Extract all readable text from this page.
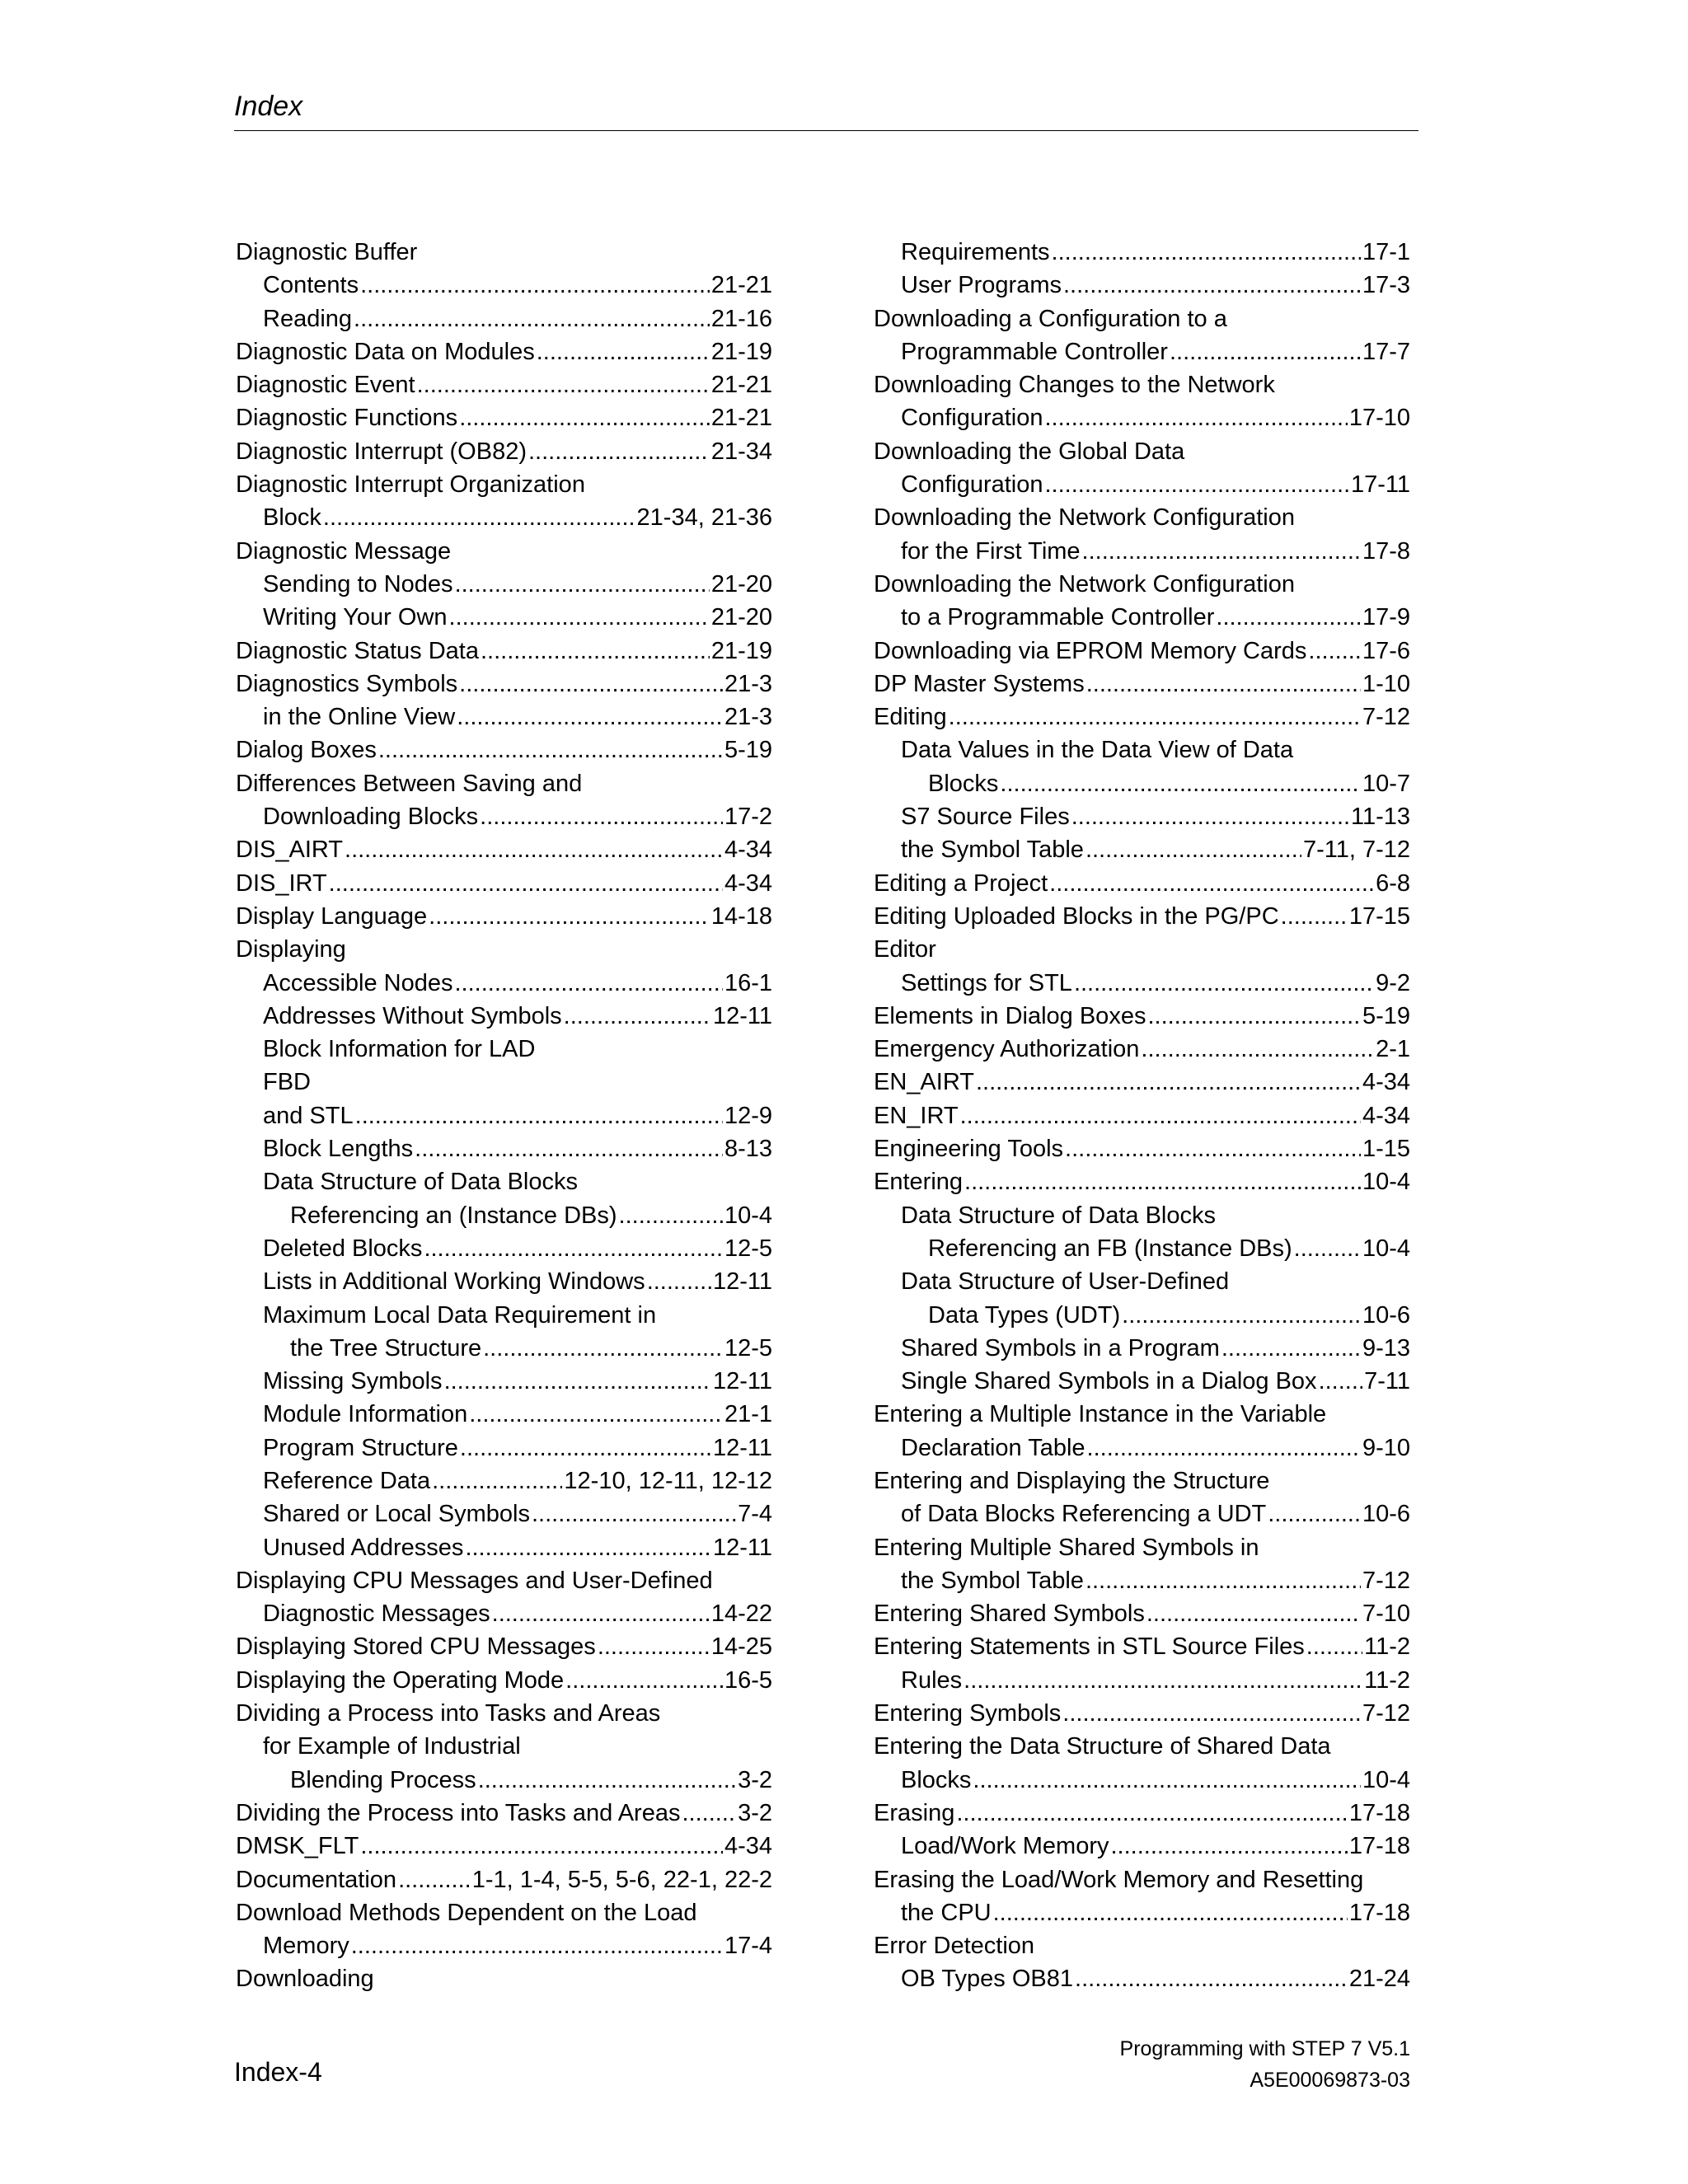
Index
Diagnostic Buffer
Contents .....	21-21
Reading .....	21-16
Diagnostic Data on Modules .....	21-19
Diagnostic Event .....	21-21
Diagnostic Functions .....	21-21
Diagnostic Interrupt (OB82) .....	21-34
Diagnostic Interrupt Organization
Block .....	21-34, 21-36
Diagnostic Message
Sending to Nodes .....	21-20
Writing Your Own .....	21-20
Diagnostic Status Data .....	21-19
Diagnostics Symbols .....	21-3
in the Online View .....	21-3
Dialog Boxes .....	5-19
Differences Between Saving and
Downloading Blocks .....	17-2
DIS_AIRT .....	4-34
DIS_IRT .....	4-34
Display Language .....	14-18
Displaying
Accessible Nodes .....	16-1
Addresses Without Symbols .....	12-11
Block Information for LAD
FBD
and STL .....	12-9
Block Lengths .....	8-13
Data Structure of Data Blocks
Referencing an (Instance DBs) .....	10-4
Deleted Blocks .....	12-5
Lists in Additional Working Windows .....	12-11
Maximum Local Data Requirement in
the Tree Structure .....	12-5
Missing Symbols .....	12-11
Module Information .....	21-1
Program Structure .....	12-11
Reference Data .....	12-10, 12-11, 12-12
Shared or Local Symbols .....	7-4
Unused Addresses .....	12-11
Displaying CPU Messages and User-Defined
Diagnostic Messages .....	14-22
Displaying Stored CPU Messages .....	14-25
Displaying the Operating Mode .....	16-5
Dividing a Process into Tasks and Areas
for Example of Industrial
Blending Process .....	3-2
Dividing the Process into Tasks and Areas ..... 3-2
DMSK_FLT .....	4-34
Documentation .....	1-1, 1-4, 5-5, 5-6, 22-1, 22-2
Download Methods Dependent on the Load
Memory .....	17-4
Downloading
Requirements .....	17-1
User Programs .....	17-3
Downloading a Configuration to a
Programmable Controller .....	17-7
Downloading Changes to the Network
Configuration .....	17-10
Downloading the Global Data
Configuration .....	17-11
Downloading the Network Configuration
for the First Time .....	17-8
Downloading the Network Configuration
to a Programmable Controller .....	17-9
Downloading via EPROM Memory Cards ..... 17-6
DP Master Systems .....	1-10
Editing .....	7-12
Data Values in the Data View of Data
Blocks .....	10-7
S7 Source Files .....	11-13
the Symbol Table .....	7-11, 7-12
Editing a Project .....	6-8
Editing Uploaded Blocks in the PG/PC .....	17-15
Editor
Settings for STL .....	9-2
Elements in Dialog Boxes .....	5-19
Emergency Authorization .....	2-1
EN_AIRT .....	4-34
EN_IRT .....	4-34
Engineering Tools .....	1-15
Entering .....	10-4
Data Structure of Data Blocks
Referencing an FB (Instance DBs) .....	10-4
Data Structure of User-Defined
Data Types (UDT) .....	10-6
Shared Symbols in a Program .....	9-13
Single Shared Symbols in a Dialog Box ..... 7-11
Entering a Multiple Instance in the Variable
Declaration Table .....	9-10
Entering and Displaying the Structure
of Data Blocks Referencing a UDT .....	10-6
Entering Multiple Shared Symbols in
the Symbol Table .....	7-12
Entering Shared Symbols .....	7-10
Entering Statements in STL Source Files ..... 11-2
Rules .....	11-2
Entering Symbols .....	7-12
Entering the Data Structure of Shared Data
Blocks .....	10-4
Erasing .....	17-18
Load/Work Memory .....	17-18
Erasing the Load/Work Memory and Resetting
the CPU .....	17-18
Error Detection
OB Types OB81 .....	21-24
Index-4
Programming with STEP 7 V5.1
A5E00069873-03
